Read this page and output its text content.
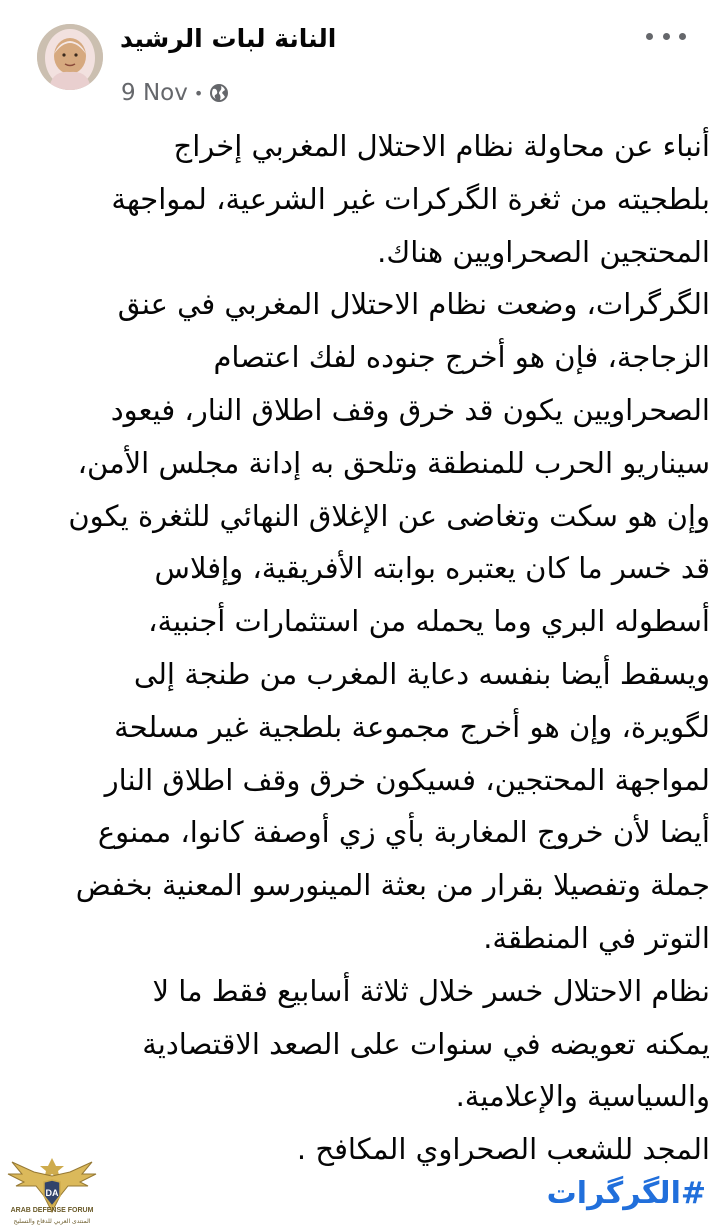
النانة لبات الرشيد
9 Nov •
أنباء عن محاولة نظام الاحتلال المغربي إخراج
بلطجيته من ثغرة الگركرات غير الشرعية، لمواجهة
المحتجين الصحراويين هناك.
الگرگرات، وضعت نظام الاحتلال المغربي في عنق
الزجاجة، فإن هو أخرج جنوده لفك اعتصام
الصحراويين يكون قد خرق وقف اطلاق النار، فيعود
سيناريو الحرب للمنطقة وتلحق به إدانة مجلس الأمن،
وإن هو سكت وتغاضى عن الإغلاق النهائي للثغرة يكون
قد خسر ما كان يعتبره بوابته الأفريقية، وإفلاس
أسطوله البري وما يحمله من استثمارات أجنبية،
ويسقط أيضا بنفسه دعاية المغرب من طنجة إلى
لگويرة، وإن هو أخرج مجموعة بلطجية غير مسلحة
لمواجهة المحتجين، فسيكون خرق وقف اطلاق النار
أيضا لأن خروج المغاربة بأي زي أوصفة كانوا، ممنوع
جملة وتفصيلا بقرار من بعثة المينورسو المعنية بخفض
التوتر في المنطقة.
نظام الاحتلال خسر خلال ثلاثة أسابيع فقط ما لا
يمكنه تعويضه في سنوات على الصعد الاقتصادية
والسياسية والإعلامية.
المجد للشعب الصحراوي المكافح .
#الگرگرات
DA
ARAB DEFENSE FORUM
المنتدى العربي للدفاع والتسليح
